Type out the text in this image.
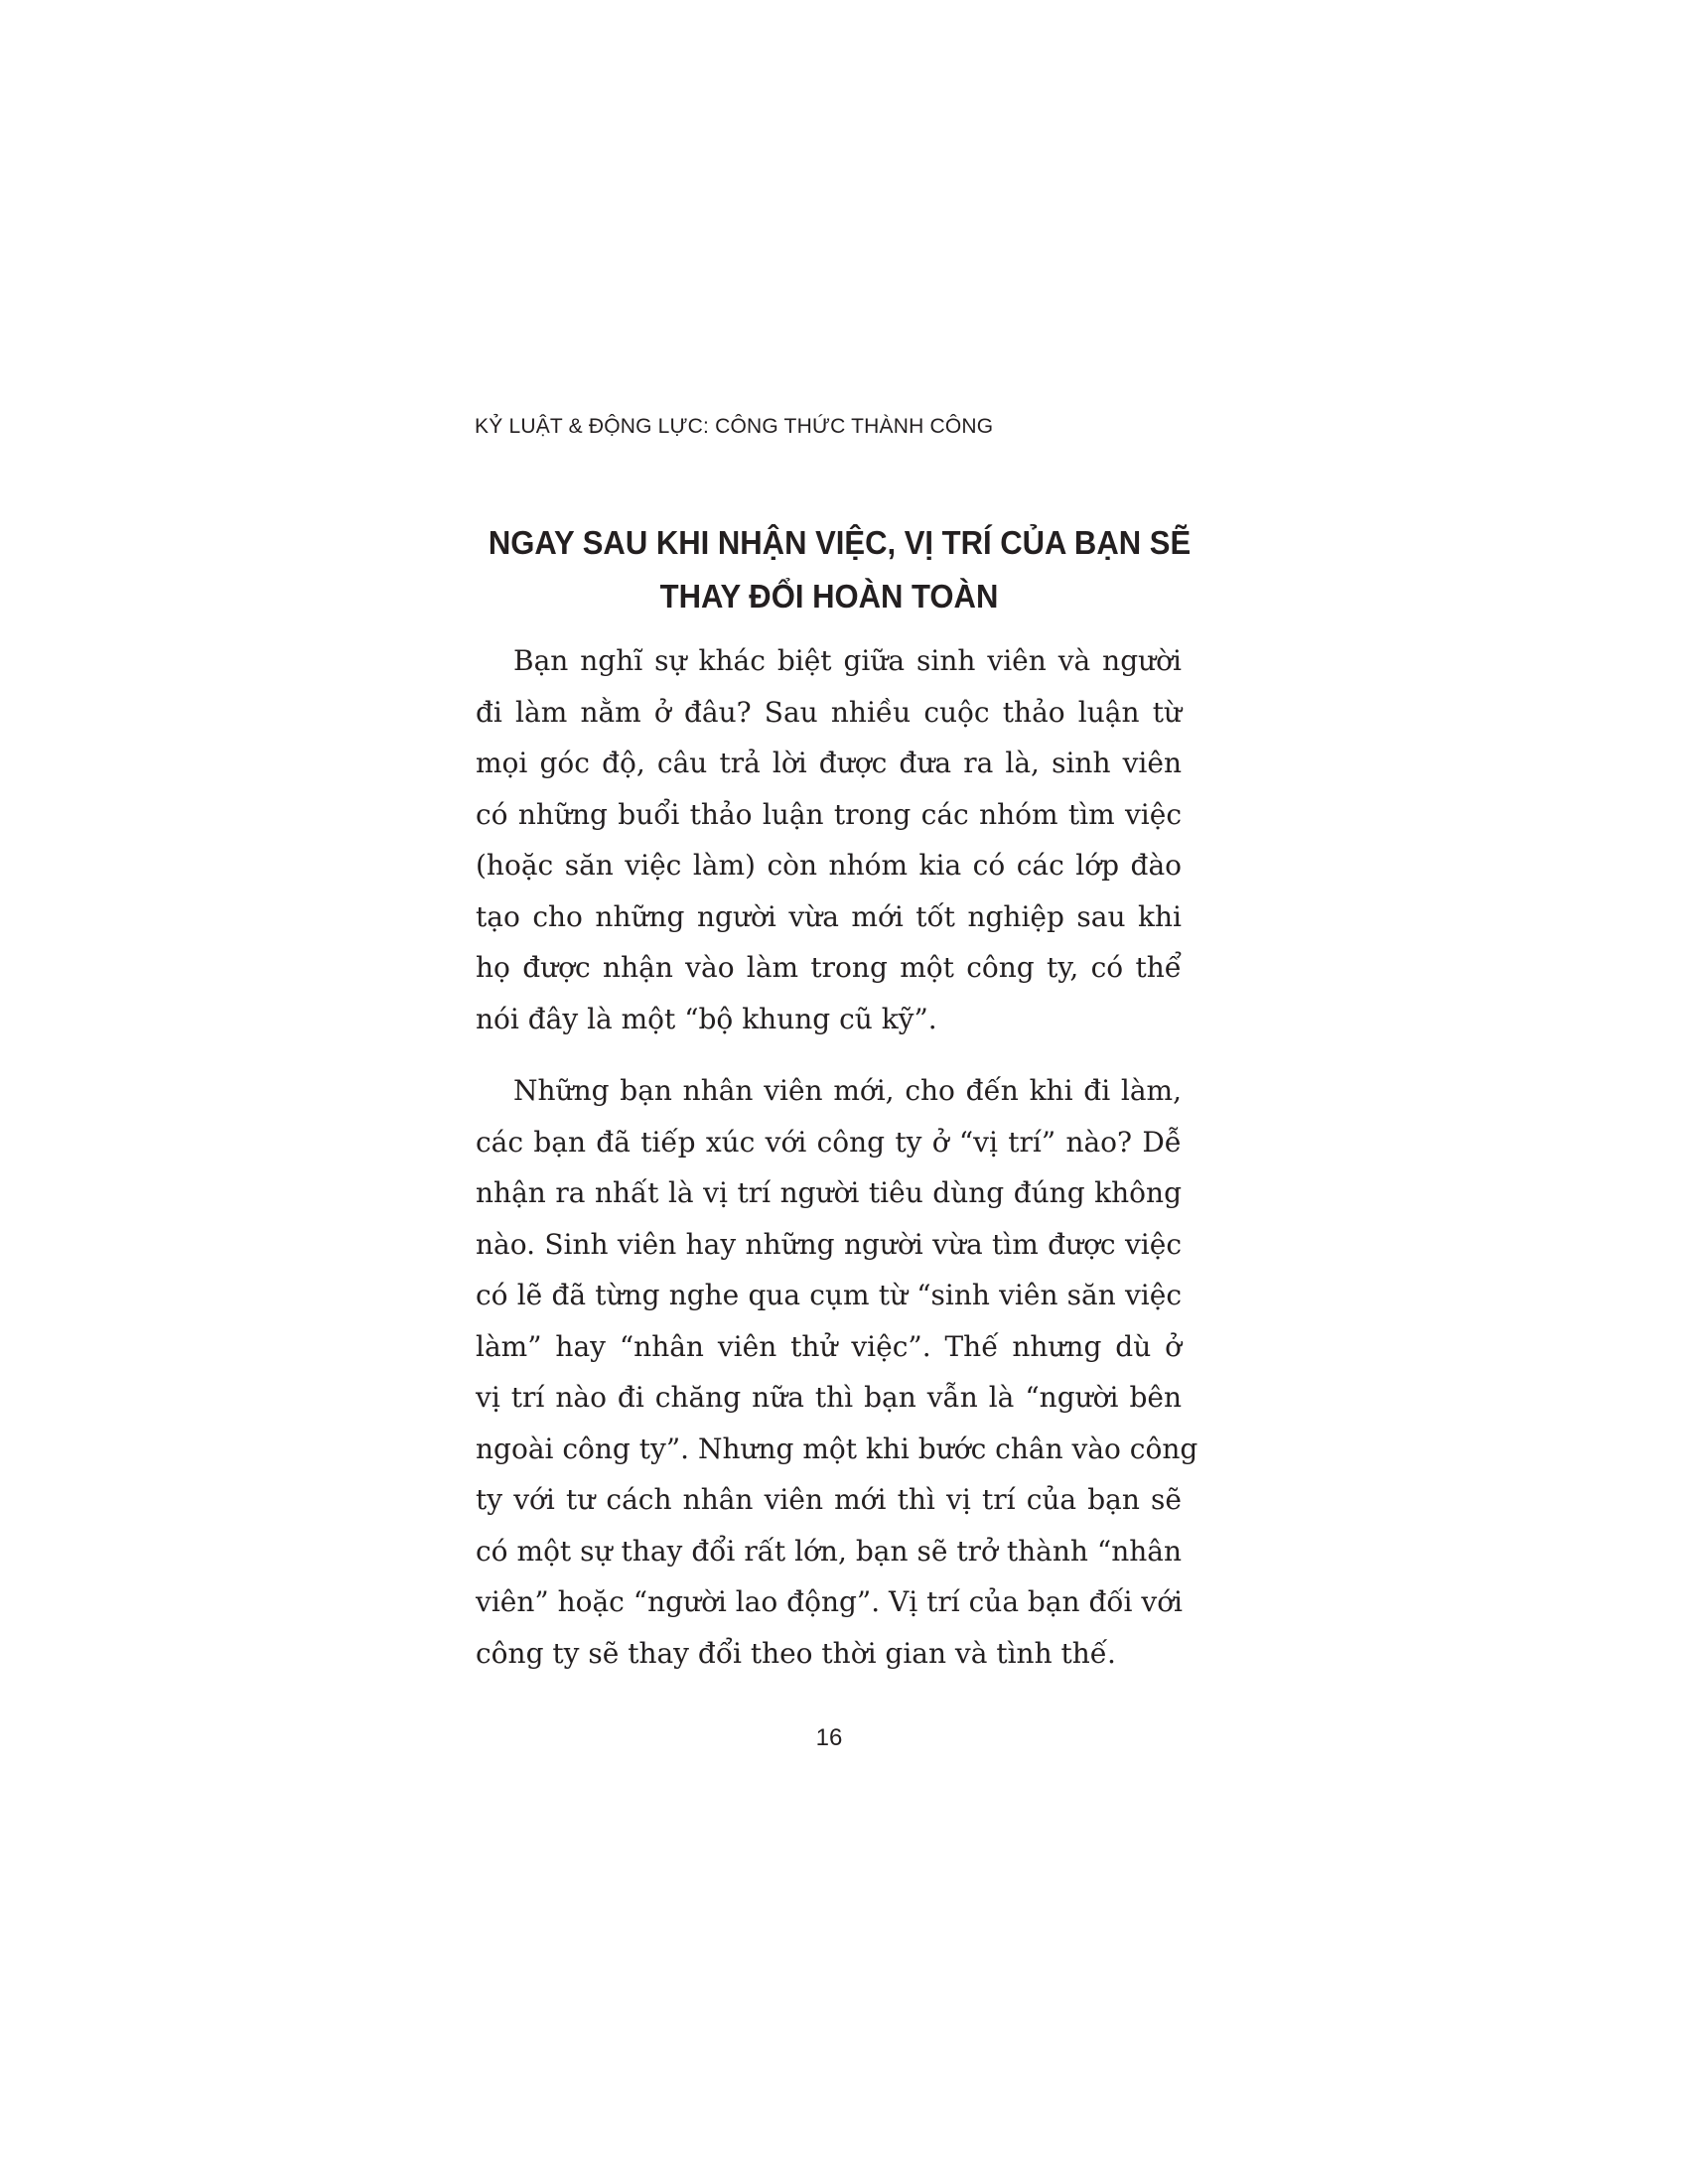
KỶ LUẬT & ĐỘNG LỰC: CÔNG THỨC THÀNH CÔNG
NGAY SAU KHI NHẬN VIỆC, VỊ TRÍ CỦA BẠN SẼ
THAY ĐỔI HOÀN TOÀN

Bạn nghĩ sự khác biệt giữa sinh viên và người
đi làm nằm ở đâu? Sau nhiều cuộc thảo luận từ
mọi góc độ, câu trả lời được đưa ra là, sinh viên
có những buổi thảo luận trong các nhóm tìm việc
(hoặc săn việc làm) còn nhóm kia có các lớp đào
tạo cho những người vừa mới tốt nghiệp sau khi
họ được nhận vào làm trong một công ty, có thể
nói đây là một “bộ khung cũ kỹ”.

Những bạn nhân viên mới, cho đến khi đi làm,
các bạn đã tiếp xúc với công ty ở “vị trí” nào? Dễ
nhận ra nhất là vị trí người tiêu dùng đúng không
nào. Sinh viên hay những người vừa tìm được việc
có lẽ đã từng nghe qua cụm từ “sinh viên săn việc
làm” hay “nhân viên thử việc”. Thế nhưng dù ở
vị trí nào đi chăng nữa thì bạn vẫn là “người bên
ngoài công ty”. Nhưng một khi bước chân vào công
ty với tư cách nhân viên mới thì vị trí của bạn sẽ
có một sự thay đổi rất lớn, bạn sẽ trở thành “nhân
viên” hoặc “người lao động”. Vị trí của bạn đối với
công ty sẽ thay đổi theo thời gian và tình thế.

16
